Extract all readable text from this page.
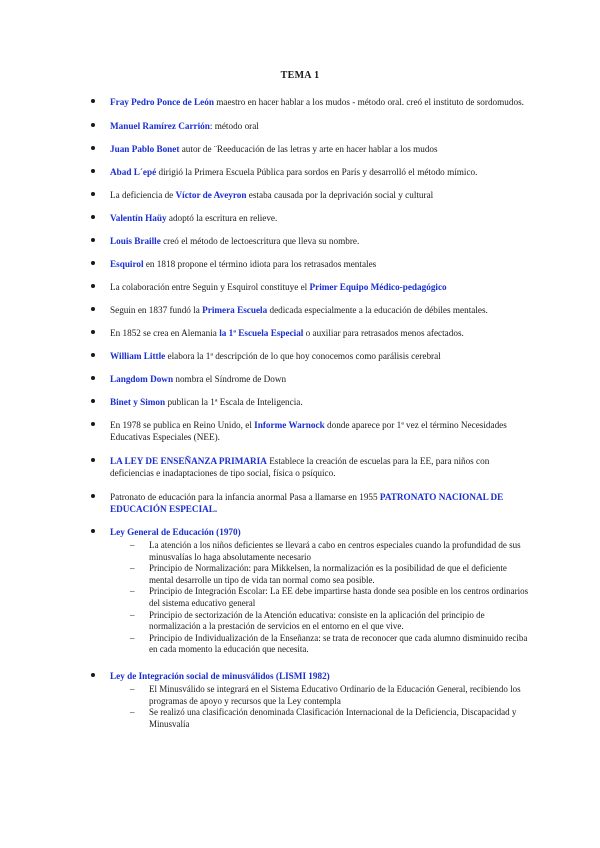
TEMA 1
Fray Pedro Ponce de León maestro en hacer hablar a los mudos - método oral. creó el instituto de sordomudos.
Manuel Ramírez Carrión: método oral
Juan Pablo Bonet autor de ¨Reeducación de las letras y arte en hacer hablar a los mudos
Abad L´epé dirigió la Primera Escuela Pública para sordos en París y desarrolló el método mímico.
La deficiencia de Víctor de Aveyron estaba causada por la deprivación social y cultural
Valentín Haüy adoptó la escritura en relieve.
Louis Braille creó el método de lectoescritura que lleva su nombre.
Esquirol en 1818 propone el término idiota para los retrasados mentales
La colaboración entre Seguin y Esquirol constituye el Primer Equipo Médico-pedagógico
Seguin en 1837 fundó la Primera Escuela dedicada especialmente a la educación de débiles mentales.
En 1852 se crea en Alemania la 1ª Escuela Especial o auxiliar para retrasados menos afectados.
William Little elabora la 1ª descripción de lo que hoy conocemos como parálisis cerebral
Langdom Down nombra el Síndrome de Down
Binet y Simon publican la 1ª Escala de Inteligencia.
En 1978 se publica en Reino Unido, el Informe Warnock donde aparece por 1ª vez el término Necesidades Educativas Especiales (NEE).
LA LEY DE ENSEÑANZA PRIMARIA Establece la creación de escuelas para la EE, para niños con deficiencias e inadaptaciones de tipo social, física o psíquico.
Patronato de educación para la infancia anormal Pasa a llamarse en 1955 PATRONATO NACIONAL DE EDUCACIÓN ESPECIAL.
Ley General de Educación (1970)
– La atención a los niños deficientes se llevará a cabo en centros especiales cuando la profundidad de sus minusvalías lo haga absolutamente necesario
– Principio de Normalización: para Mikkelsen, la normalización es la posibilidad de que el deficiente mental desarrolle un tipo de vida tan normal como sea posible.
– Principio de Integración Escolar: La EE debe impartirse hasta donde sea posible en los centros ordinarios del sistema educativo general
– Principio de sectorización de la Atención educativa: consiste en la aplicación del principio de normalización a la prestación de servicios en el entorno en el que vive.
– Principio de Individualización de la Enseñanza: se trata de reconocer que cada alumno disminuido reciba en cada momento la educación que necesita.
Ley de Integración social de minusválidos (LISMI 1982)
– El Minusválido se integrará en el Sistema Educativo Ordinario de la Educación General, recibiendo los programas de apoyo y recursos que la Ley contempla
– Se realizó una clasificación denominada Clasificación Internacional de la Deficiencia, Discapacidad y Minusvalía
